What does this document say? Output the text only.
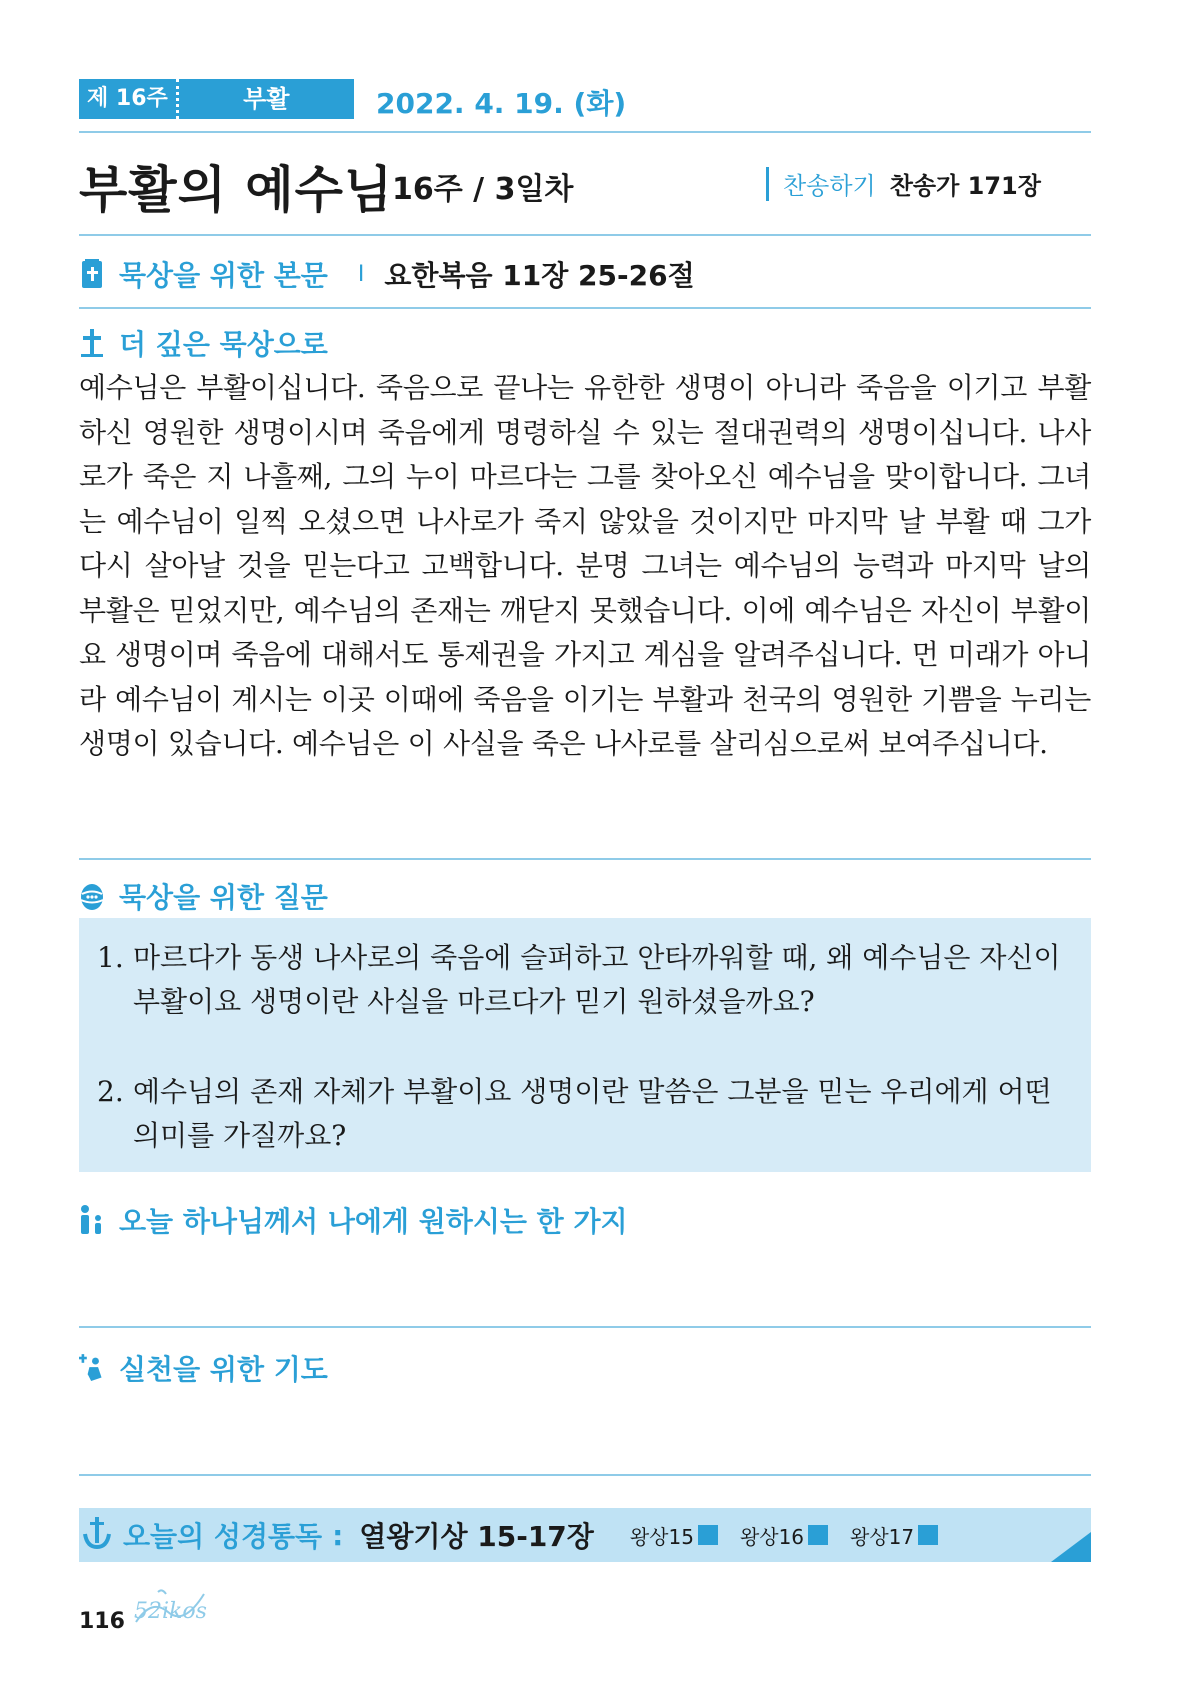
제 16주	부활	2022. 4. 19. (화)
부활의 예수님
16주 / 3일차	찬송하기 찬송가 171장
묵상을 위한 본문 I 요한복음 11장 25-26절
더 깊은 묵상으로
예수님은 부활이십니다. 죽음으로 끝나는 유한한 생명이 아니라 죽음을 이기고 부활하신 영원한 생명이시며 죽음에게 명령하실 수 있는 절대권력의 생명이십니다. 나사로가 죽은 지 나흘째, 그의 누이 마르다는 그를 찾아오신 예수님을 맞이합니다. 그녀는 예수님이 일찍 오셨으면 나사로가 죽지 않았을 것이지만 마지막 날 부활 때 그가 다시 살아날 것을 믿는다고 고백합니다. 분명 그녀는 예수님의 능력과 마지막 날의 부활은 믿었지만, 예수님의 존재는 깨닫지 못했습니다. 이에 예수님은 자신이 부활이요 생명이며 죽음에 대해서도 통제권을 가지고 계심을 알려주십니다. 먼 미래가 아니라 예수님이 계시는 이곳 이때에 죽음을 이기는 부활과 천국의 영원한 기쁨을 누리는 생명이 있습니다. 예수님은 이 사실을 죽은 나사로를 살리심으로써 보여주십니다.
묵상을 위한 질문
1. 마르다가 동생 나사로의 죽음에 슬퍼하고 안타까워할 때, 왜 예수님은 자신이 부활이요 생명이란 사실을 마르다가 믿기 원하셨을까요?
2. 예수님의 존재 자체가 부활이요 생명이란 말씀은 그분을 믿는 우리에게 어떤 의미를 가질까요?
오늘 하나님께서 나에게 원하시는 한 가지
실천을 위한 기도
오늘의 성경통독 : 열왕기상 15-17장 왕상15 왕상16 왕상17
116 52ikos
